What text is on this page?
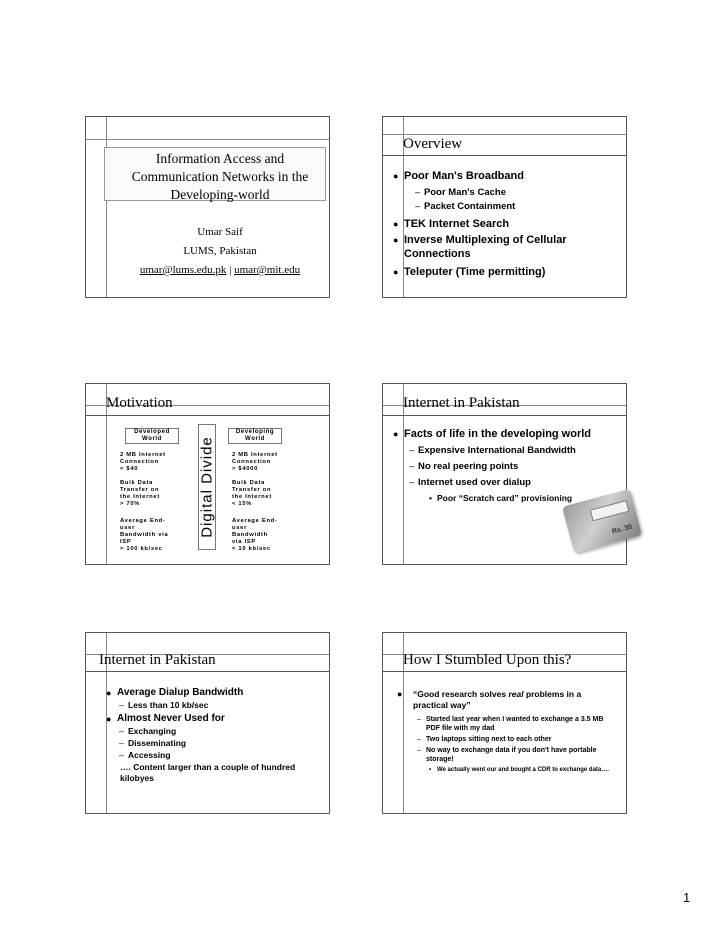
Information Access and
Communication Networks in the
Developing-world
Umar Saif
LUMS, Pakistan
umar@lums.edu.pk | umar@mit.edu
Overview
● Poor Man's Broadband
– Poor Man's Cache
– Packet Containment
● TEK Internet Search
● Inverse Multiplexing of Cellular Connections
● Teleputer (Time permitting)
Motivation
Developed World
Developing World
Digital Divide
2 MB Internet
Connection
< $40
Bulk Data
Transfer on
the Internet
> 70%
Average End-
user
Bandwidth via
ISP
> 100 kb/sec
2 MB Internet
Connection
> $4000
Bulk Data
Transfer on
the Internet
< 15%
Average End-
user
Bandwidth
via ISP
< 10 kb/sec
Internet in Pakistan
● Facts of life in the developing world
– Expensive International Bandwidth
– No real peering points
– Internet used over dialup
• Poor “Scratch card” provisioning
Rs. 30
Internet in Pakistan
● Average Dialup Bandwidth
– Less than 10 kb/sec
● Almost Never Used for
– Exchanging
– Disseminating
– Accessing
…. Content larger than a couple of hundred kilobyes
How I Stumbled Upon this?
● “Good research solves real problems in a practical way”
– Started last year when I wanted to exchange a 3.5 MB PDF file with my dad
– Two laptops sitting next to each other
– No way to exchange data if you don't have portable storage!
• We actually went our and bought a CDR to exchange data….
1
